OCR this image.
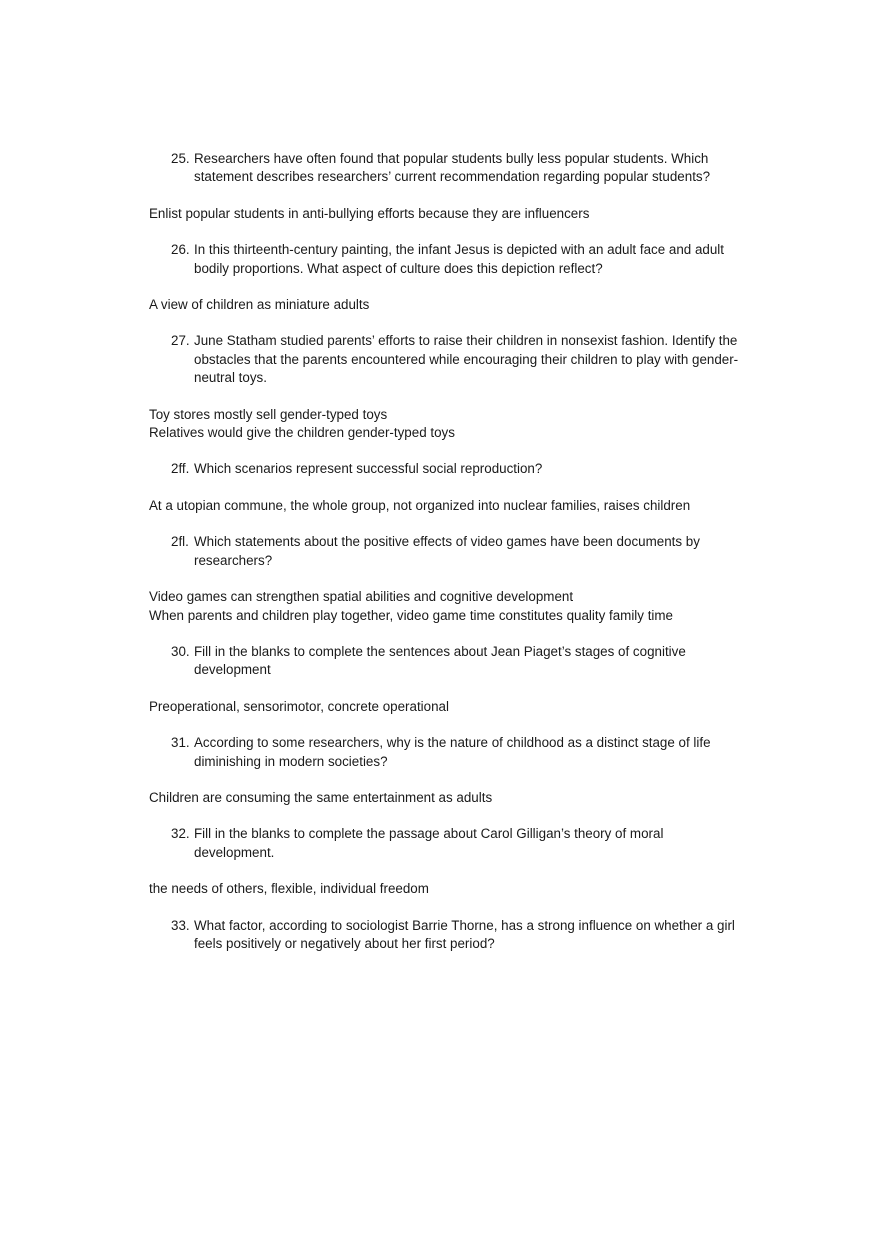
25. Researchers have often found that popular students bully less popular students. Which statement describes researchers’ current recommendation regarding popular students?
Enlist popular students in anti-bullying efforts because they are influencers
26. In this thirteenth-century painting, the infant Jesus is depicted with an adult face and adult bodily proportions. What aspect of culture does this depiction reflect?
A view of children as miniature adults
27. June Statham studied parents’ efforts to raise their children in nonsexist fashion. Identify the obstacles that the parents encountered while encouraging their children to play with gender-neutral toys.
Toy stores mostly sell gender-typed toys
Relatives would give the children gender-typed toys
2ff. Which scenarios represent successful social reproduction?
At a utopian commune, the whole group, not organized into nuclear families, raises children
2fl. Which statements about the positive effects of video games have been documents by researchers?
Video games can strengthen spatial abilities and cognitive development
When parents and children play together, video game time constitutes quality family time
30. Fill in the blanks to complete the sentences about Jean Piaget’s stages of cognitive development
Preoperational, sensorimotor, concrete operational
31. According to some researchers, why is the nature of childhood as a distinct stage of life diminishing in modern societies?
Children are consuming the same entertainment as adults
32. Fill in the blanks to complete the passage about Carol Gilligan’s theory of moral development.
the needs of others, flexible, individual freedom
33. What factor, according to sociologist Barrie Thorne, has a strong influence on whether a girl feels positively or negatively about her first period?
